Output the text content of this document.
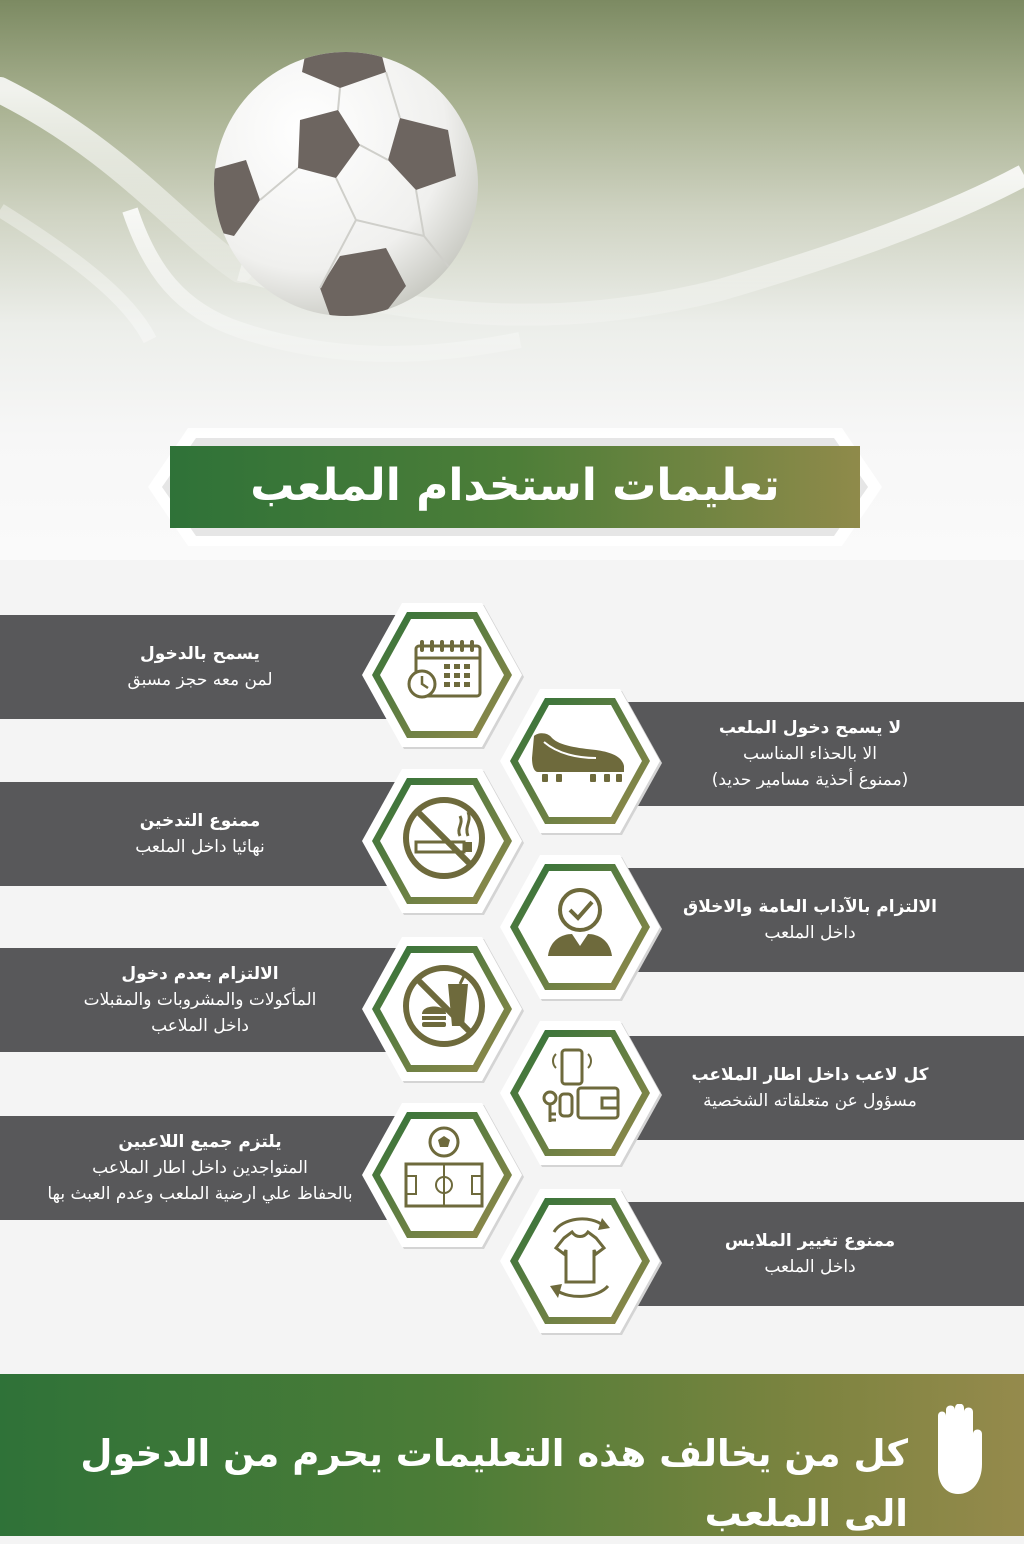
تعليمات استخدام الملعب
يسمح بالدخول
لمن معه حجز مسبق
لا يسمح دخول الملعب
الا بالحذاء المناسب
(ممنوع أحذية مسامير حديد)
ممنوع التدخين
نهائيا داخل الملعب
الالتزام بالآداب العامة والاخلاق
داخل الملعب
الالتزام بعدم دخول
المأكولات والمشروبات والمقبلات
داخل الملاعب
كل لاعب داخل اطار الملاعب
مسؤول عن متعلقاته الشخصية
يلتزم جميع اللاعبين
المتواجدين داخل اطار الملاعب
بالحفاظ علي ارضية الملعب وعدم العبث بها
ممنوع تغيير الملابس
داخل الملعب
كل من يخالف هذه التعليمات يحرم من الدخول الى الملعب
